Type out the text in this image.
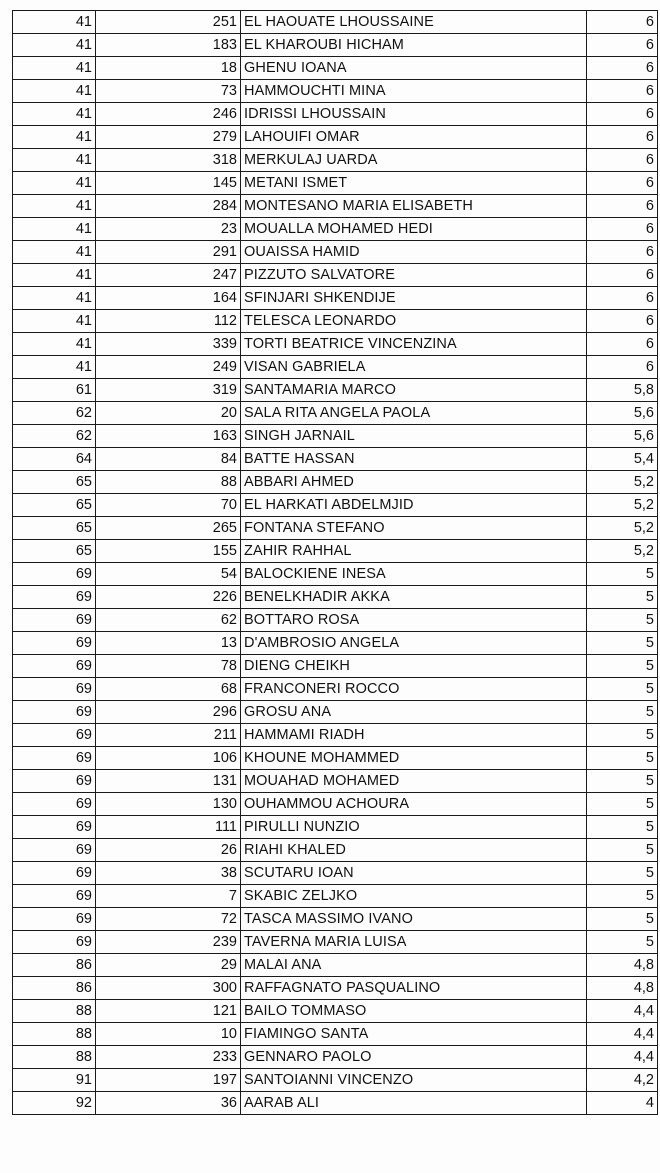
41	251	EL HAOUATE LHOUSSAINE	6
41	183	EL KHAROUBI HICHAM	6
41	18	GHENU IOANA	6
41	73	HAMMOUCHTI MINA	6
41	246	IDRISSI LHOUSSAIN	6
41	279	LAHOUIFI OMAR	6
41	318	MERKULAJ UARDA	6
41	145	METANI ISMET	6
41	284	MONTESANO MARIA ELISABETH	6
41	23	MOUALLA MOHAMED HEDI	6
41	291	OUAISSA HAMID	6
41	247	PIZZUTO SALVATORE	6
41	164	SFINJARI SHKENDIJE	6
41	112	TELESCA LEONARDO	6
41	339	TORTI BEATRICE VINCENZINA	6
41	249	VISAN GABRIELA	6
61	319	SANTAMARIA MARCO	5,8
62	20	SALA RITA ANGELA PAOLA	5,6
62	163	SINGH JARNAIL	5,6
64	84	BATTE HASSAN	5,4
65	88	ABBARI AHMED	5,2
65	70	EL HARKATI ABDELMJID	5,2
65	265	FONTANA STEFANO	5,2
65	155	ZAHIR RAHHAL	5,2
69	54	BALOCKIENE INESA	5
69	226	BENELKHADIR AKKA	5
69	62	BOTTARO ROSA	5
69	13	D'AMBROSIO ANGELA	5
69	78	DIENG CHEIKH	5
69	68	FRANCONERI ROCCO	5
69	296	GROSU ANA	5
69	211	HAMMAMI RIADH	5
69	106	KHOUNE MOHAMMED	5
69	131	MOUAHAD MOHAMED	5
69	130	OUHAMMOU ACHOURA	5
69	111	PIRULLI NUNZIO	5
69	26	RIAHI KHALED	5
69	38	SCUTARU IOAN	5
69	7	SKABIC ZELJKO	5
69	72	TASCA MASSIMO IVANO	5
69	239	TAVERNA MARIA LUISA	5
86	29	MALAI ANA	4,8
86	300	RAFFAGNATO PASQUALINO	4,8
88	121	BAILO TOMMASO	4,4
88	10	FIAMINGO SANTA	4,4
88	233	GENNARO PAOLO	4,4
91	197	SANTOIANNI VINCENZO	4,2
92	36	AARAB ALI	4
